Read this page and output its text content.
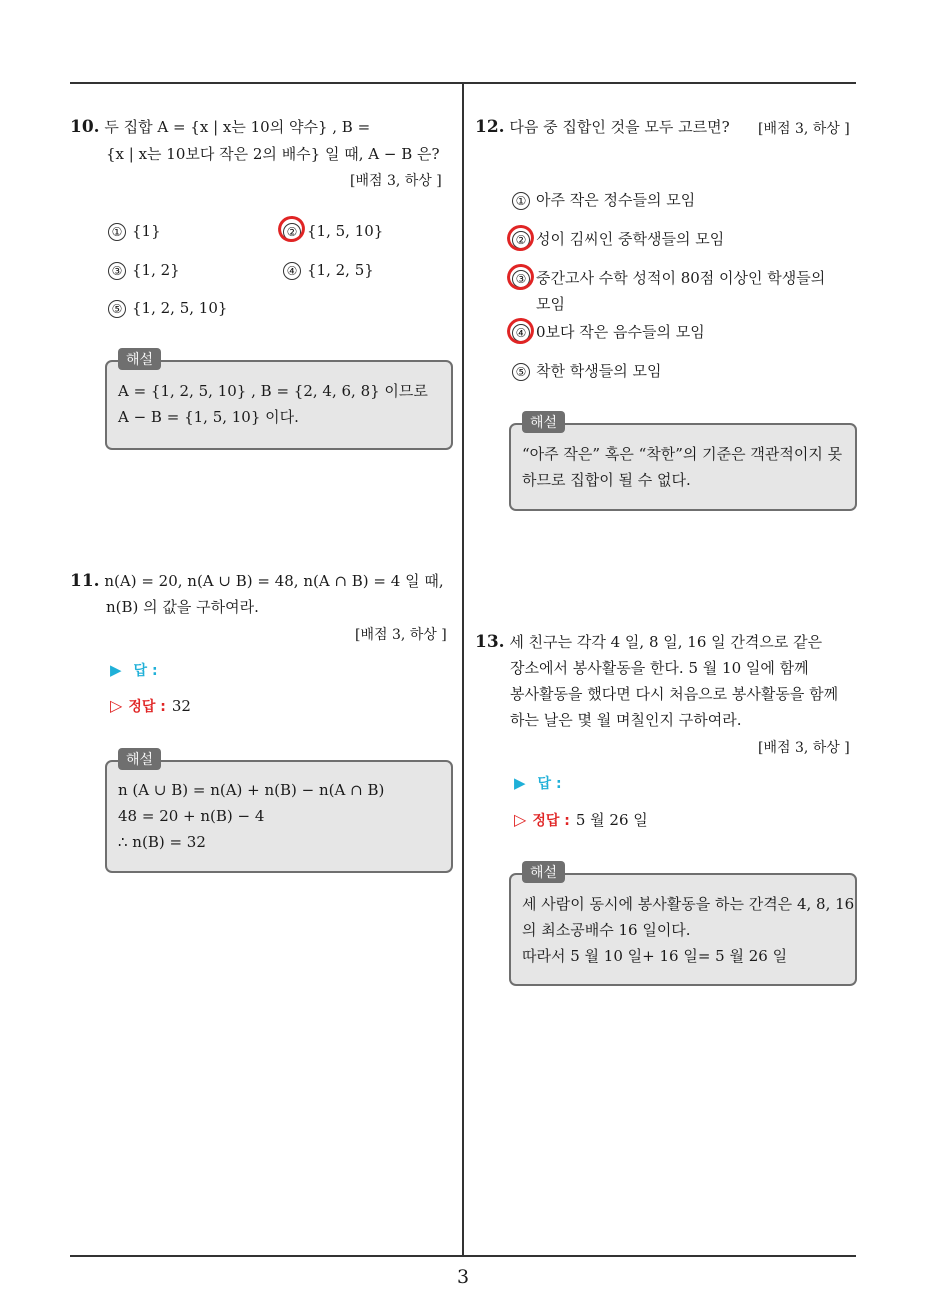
10. 두 집합 A = {x | x는 10의 약수} , B =
{x | x는 10보다 작은 2의 배수} 일 때, A − B 은?
[배점 3, 하상 ]
① {1}	② {1, 5, 10}
③ {1, 2}	④ {1, 2, 5}
⑤ {1, 2, 5, 10}
해설
A = {1, 2, 5, 10} , B = {2, 4, 6, 8} 이므로
A − B = {1, 5, 10} 이다.
11. n(A) = 20, n(A ∪ B) = 48, n(A ∩ B) = 4 일 때,
n(B) 의 값을 구하여라.
[배점 3, 하상 ]
▶ 답 :
▷ 정답 : 32
해설
n (A ∪ B) = n(A) + n(B) − n(A ∩ B)
48 = 20 + n(B) − 4
∴ n(B) = 32
12. 다음 중 집합인 것을 모두 고르면? [배점 3, 하상 ]
① 아주 작은 정수들의 모임
② 성이 김씨인 중학생들의 모임
③ 중간고사 수학 성적이 80점 이상인 학생들의
모임
④ 0보다 작은 음수들의 모임
⑤ 착한 학생들의 모임
해설
“아주 작은” 혹은 “착한”의 기준은 객관적이지 못
하므로 집합이 될 수 없다.
13. 세 친구는 각각 4 일, 8 일, 16 일 간격으로 같은
장소에서 봉사활동을 한다. 5 월 10 일에 함께
봉사활동을 했다면 다시 처음으로 봉사활동을 함께
하는 날은 몇 월 며칠인지 구하여라.
[배점 3, 하상 ]
▶ 답 :
▷ 정답 : 5 월 26 일
해설
세 사람이 동시에 봉사활동을 하는 간격은 4, 8, 16
의 최소공배수 16 일이다.
따라서 5 월 10 일+ 16 일= 5 월 26 일
3
